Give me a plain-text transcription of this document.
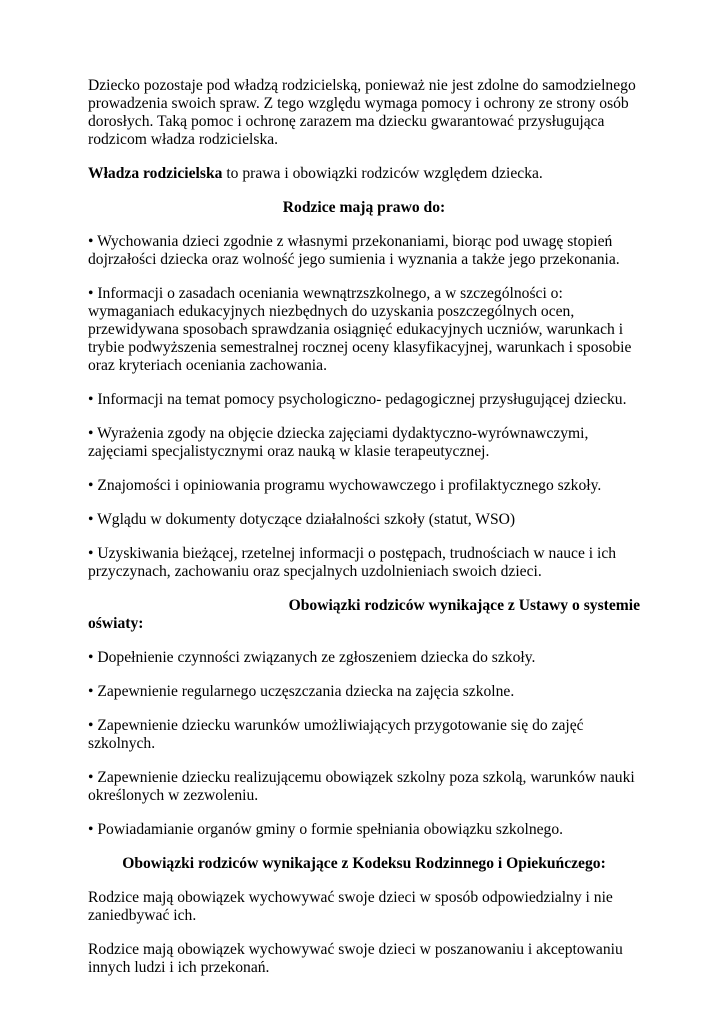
Dziecko pozostaje pod władzą rodzicielską, ponieważ nie jest zdolne do samodzielnego prowadzenia swoich spraw. Z tego względu wymaga pomocy i ochrony ze strony osób dorosłych. Taką pomoc i ochronę zarazem ma dziecku gwarantować przysługująca rodzicom władza rodzicielska.

Władza rodzicielska to prawa i obowiązki rodziców względem dziecka.

Rodzice mają prawo do:

• Wychowania dzieci zgodnie z własnymi przekonaniami, biorąc pod uwagę stopień dojrzałości dziecka oraz wolność jego sumienia i wyznania a także jego przekonania.

• Informacji o zasadach oceniania wewnątrzszkolnego, a w szczególności o: wymaganiach edukacyjnych niezbędnych do uzyskania poszczególnych ocen, przewidywana sposobach sprawdzania osiągnięć edukacyjnych uczniów, warunkach i trybie podwyższenia semestralnej rocznej oceny klasyfikacyjnej, warunkach i sposobie oraz kryteriach oceniania zachowania.

• Informacji na temat pomocy psychologiczno- pedagogicznej przysługującej dziecku.

• Wyrażenia zgody na objęcie dziecka zajęciami dydaktyczno-wyrównawczymi, zajęciami specjalistycznymi oraz nauką w klasie terapeutycznej.

• Znajomości i opiniowania programu wychowawczego i profilaktycznego szkoły.

• Wglądu w dokumenty dotyczące działalności szkoły (statut, WSO)

• Uzyskiwania bieżącej, rzetelnej informacji o postępach, trudnościach w nauce i ich przyczynach, zachowaniu oraz specjalnych uzdolnieniach swoich dzieci.

Obowiązki rodziców wynikające z Ustawy o systemie
oświaty:

• Dopełnienie czynności związanych ze zgłoszeniem dziecka do szkoły.

• Zapewnienie regularnego uczęszczania dziecka na zajęcia szkolne.

• Zapewnienie dziecku warunków umożliwiających przygotowanie się do zajęć szkolnych.

• Zapewnienie dziecku realizującemu obowiązek szkolny poza szkolą, warunków nauki określonych w zezwoleniu.

• Powiadamianie organów gminy o formie spełniania obowiązku szkolnego.

Obowiązki rodziców wynikające z Kodeksu Rodzinnego i Opiekuńczego:

Rodzice mają obowiązek wychowywać swoje dzieci w sposób odpowiedzialny i nie zaniedbywać ich.

Rodzice mają obowiązek wychowywać swoje dzieci w poszanowaniu i akceptowaniu innych ludzi i ich przekonań.
